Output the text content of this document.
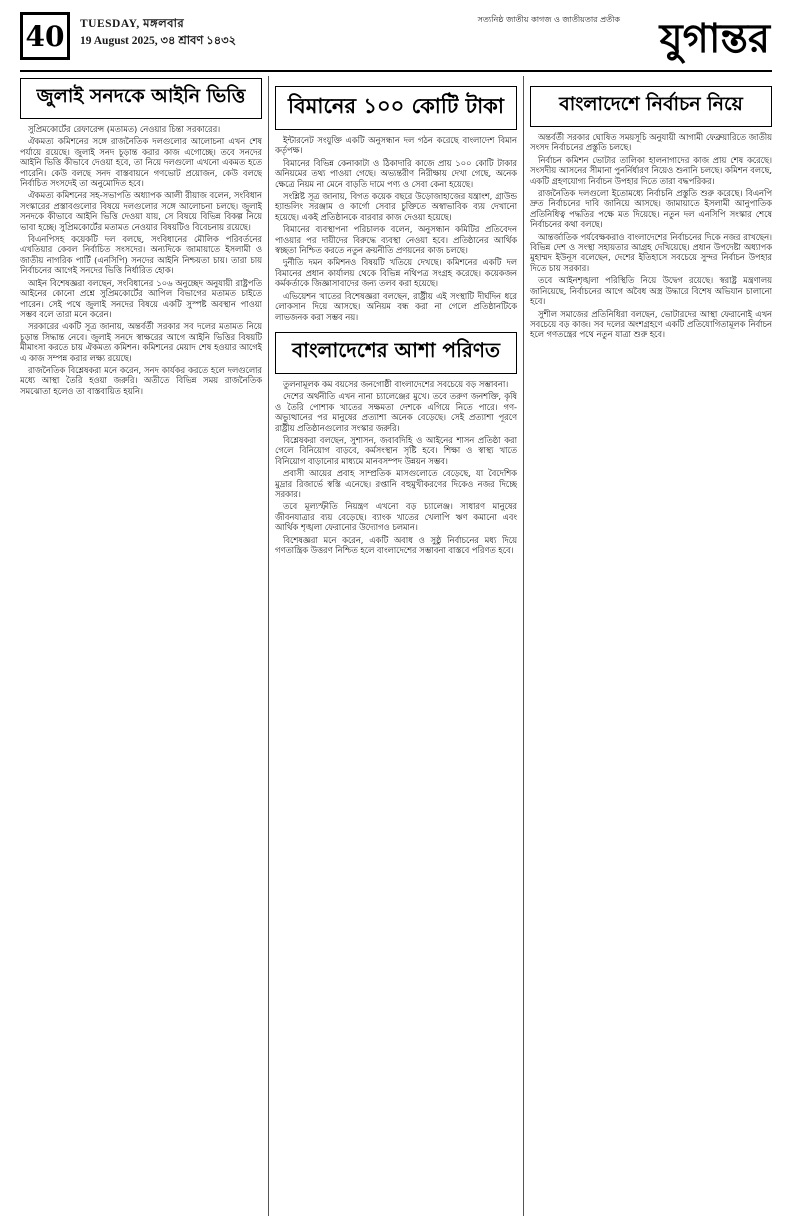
40	TUESDAY, মঙ্গলবার
19 August 2025, ৩৪ শ্রাবণ ১৪৩২
সত্যনিষ্ঠ জাতীয় কাগজ ও জাতীয়তার প্রতীক যুগান্তর
জুলাই সনদকে আইনি ভিত্তি

সুপ্রিমকোর্টের রেফারেন্স (মতামত) নেওয়ার চিন্তা সরকারের।

ঐকমত্য কমিশনের সঙ্গে রাজনৈতিক দলগুলোর আলোচনা এখন শেষ পর্যায়ে রয়েছে। জুলাই সনদ চূড়ান্ত করার কাজ এগোচ্ছে। তবে সনদের আইনি ভিত্তি কীভাবে দেওয়া হবে, তা নিয়ে দলগুলো এখনো একমত হতে পারেনি। কেউ বলছে সনদ বাস্তবায়নে গণভোট প্রয়োজন, কেউ বলছে নির্বাচিত সংসদেই তা অনুমোদিত হবে।

ঐকমত্য কমিশনের সহ-সভাপতি অধ্যাপক আলী রীয়াজ বলেন, সংবিধান সংস্কারের প্রস্তাবগুলোর বিষয়ে দলগুলোর সঙ্গে আলোচনা চলছে। জুলাই সনদকে কীভাবে আইনি ভিত্তি দেওয়া যায়, সে বিষয়ে বিভিন্ন বিকল্প নিয়ে ভাবা হচ্ছে। সুপ্রিমকোর্টের মতামত নেওয়ার বিষয়টিও বিবেচনায় রয়েছে।

বিএনপিসহ কয়েকটি দল বলছে, সংবিধানের মৌলিক পরিবর্তনের এখতিয়ার কেবল নির্বাচিত সংসদের। অন্যদিকে জামায়াতে ইসলামী ও জাতীয় নাগরিক পার্টি (এনসিপি) সনদের আইনি নিশ্চয়তা চায়। তারা চায় নির্বাচনের আগেই সনদের ভিত্তি নির্ধারিত হোক।

আইন বিশেষজ্ঞরা বলছেন, সংবিধানের ১০৬ অনুচ্ছেদ অনুযায়ী রাষ্ট্রপতি আইনের কোনো প্রশ্নে সুপ্রিমকোর্টের আপিল বিভাগের মতামত চাইতে পারেন। সেই পথে জুলাই সনদের বিষয়ে একটি সুস্পষ্ট অবস্থান পাওয়া সম্ভব বলে তারা মনে করেন।

সরকারের একটি সূত্র জানায়, অন্তর্বর্তী সরকার সব দলের মতামত নিয়ে চূড়ান্ত সিদ্ধান্ত নেবে। জুলাই সনদে স্বাক্ষরের আগে আইনি ভিত্তির বিষয়টি মীমাংসা করতে চায় ঐকমত্য কমিশন। কমিশনের মেয়াদ শেষ হওয়ার আগেই এ কাজ সম্পন্ন করার লক্ষ্য রয়েছে।

রাজনৈতিক বিশ্লেষকরা মনে করেন, সনদ কার্যকর করতে হলে দলগুলোর মধ্যে আস্থা তৈরি হওয়া জরুরি। অতীতে বিভিন্ন সময় রাজনৈতিক সমঝোতা হলেও তা বাস্তবায়িত হয়নি।

বিমানের ১০০ কোটি টাকা

ইন্টারনেট সংযুক্তি একটি অনুসন্ধান দল গঠন করেছে বাংলাদেশ বিমান কর্তৃপক্ষ।

বিমানের বিভিন্ন কেনাকাটা ও ঠিকাদারি কাজে প্রায় ১০০ কোটি টাকার অনিয়মের তথ্য পাওয়া গেছে। অভ্যন্তরীণ নিরীক্ষায় দেখা গেছে, অনেক ক্ষেত্রে নিয়ম না মেনে বাড়তি দামে পণ্য ও সেবা কেনা হয়েছে।

সংশ্লিষ্ট সূত্র জানায়, বিগত কয়েক বছরে উড়োজাহাজের যন্ত্রাংশ, গ্রাউন্ড হ্যান্ডলিং সরঞ্জাম ও কার্গো সেবার চুক্তিতে অস্বাভাবিক ব্যয় দেখানো হয়েছে। একই প্রতিষ্ঠানকে বারবার কাজ দেওয়া হয়েছে।

বিমানের ব্যবস্থাপনা পরিচালক বলেন, অনুসন্ধান কমিটির প্রতিবেদন পাওয়ার পর দায়ীদের বিরুদ্ধে ব্যবস্থা নেওয়া হবে। প্রতিষ্ঠানের আর্থিক স্বচ্ছতা নিশ্চিত করতে নতুন ক্রয়নীতি প্রণয়নের কাজ চলছে।

দুর্নীতি দমন কমিশনও বিষয়টি খতিয়ে দেখছে। কমিশনের একটি দল বিমানের প্রধান কার্যালয় থেকে বিভিন্ন নথিপত্র সংগ্রহ করেছে। কয়েকজন কর্মকর্তাকে জিজ্ঞাসাবাদের জন্য তলব করা হয়েছে।

এভিয়েশন খাতের বিশেষজ্ঞরা বলছেন, রাষ্ট্রীয় এই সংস্থাটি দীর্ঘদিন ধরে লোকসান দিয়ে আসছে। অনিয়ম বন্ধ করা না গেলে প্রতিষ্ঠানটিকে লাভজনক করা সম্ভব নয়।

বাংলাদেশের আশা পরিণত

তুলনামূলক কম বয়সের জনগোষ্ঠী বাংলাদেশের সবচেয়ে বড় সম্ভাবনা।

দেশের অর্থনীতি এখন নানা চ্যালেঞ্জের মুখে। তবে তরুণ জনশক্তি, কৃষি ও তৈরি পোশাক খাতের সক্ষমতা দেশকে এগিয়ে নিতে পারে। গণ-অভ্যুত্থানের পর মানুষের প্রত্যাশা অনেক বেড়েছে। সেই প্রত্যাশা পূরণে রাষ্ট্রীয় প্রতিষ্ঠানগুলোর সংস্কার জরুরি।

বিশ্লেষকরা বলছেন, সুশাসন, জবাবদিহি ও আইনের শাসন প্রতিষ্ঠা করা গেলে বিনিয়োগ বাড়বে, কর্মসংস্থান সৃষ্টি হবে। শিক্ষা ও স্বাস্থ্য খাতে বিনিয়োগ বাড়ানোর মাধ্যমে মানবসম্পদ উন্নয়ন সম্ভব।

প্রবাসী আয়ের প্রবাহ সাম্প্রতিক মাসগুলোতে বেড়েছে, যা বৈদেশিক মুদ্রার রিজার্ভে স্বস্তি এনেছে। রপ্তানি বহুমুখীকরণের দিকেও নজর দিচ্ছে সরকার।

তবে মূল্যস্ফীতি নিয়ন্ত্রণ এখনো বড় চ্যালেঞ্জ। সাধারণ মানুষের জীবনযাত্রার ব্যয় বেড়েছে। ব্যাংক খাতের খেলাপি ঋণ কমানো এবং আর্থিক শৃঙ্খলা ফেরানোর উদ্যোগও চলমান।

বিশেষজ্ঞরা মনে করেন, একটি অবাধ ও সুষ্ঠু নির্বাচনের মধ্য দিয়ে গণতান্ত্রিক উত্তরণ নিশ্চিত হলে বাংলাদেশের সম্ভাবনা বাস্তবে পরিণত হবে।

বাংলাদেশে নির্বাচন নিয়ে

অন্তর্বর্তী সরকার ঘোষিত সময়সূচি অনুযায়ী আগামী ফেব্রুয়ারিতে জাতীয় সংসদ নির্বাচনের প্রস্তুতি চলছে।

নির্বাচন কমিশন ভোটার তালিকা হালনাগাদের কাজ প্রায় শেষ করেছে। সংসদীয় আসনের সীমানা পুনর্নির্ধারণ নিয়েও শুনানি চলছে। কমিশন বলছে, একটি গ্রহণযোগ্য নির্বাচন উপহার দিতে তারা বদ্ধপরিকর।

রাজনৈতিক দলগুলো ইতোমধ্যে নির্বাচনি প্রস্তুতি শুরু করেছে। বিএনপি দ্রুত নির্বাচনের দাবি জানিয়ে আসছে। জামায়াতে ইসলামী আনুপাতিক প্রতিনিধিত্ব পদ্ধতির পক্ষে মত দিয়েছে। নতুন দল এনসিপি সংস্কার শেষে নির্বাচনের কথা বলছে।

আন্তর্জাতিক পর্যবেক্ষকরাও বাংলাদেশের নির্বাচনের দিকে নজর রাখছেন। বিভিন্ন দেশ ও সংস্থা সহায়তার আগ্রহ দেখিয়েছে। প্রধান উপদেষ্টা অধ্যাপক মুহাম্মদ ইউনূস বলেছেন, দেশের ইতিহাসে সবচেয়ে সুন্দর নির্বাচন উপহার দিতে চায় সরকার।

তবে আইনশৃঙ্খলা পরিস্থিতি নিয়ে উদ্বেগ রয়েছে। স্বরাষ্ট্র মন্ত্রণালয় জানিয়েছে, নির্বাচনের আগে অবৈধ অস্ত্র উদ্ধারে বিশেষ অভিযান চালানো হবে।

সুশীল সমাজের প্রতিনিধিরা বলছেন, ভোটারদের আস্থা ফেরানোই এখন সবচেয়ে বড় কাজ। সব দলের অংশগ্রহণে একটি প্রতিযোগিতামূলক নির্বাচন হলে গণতন্ত্রের পথে নতুন যাত্রা শুরু হবে।
